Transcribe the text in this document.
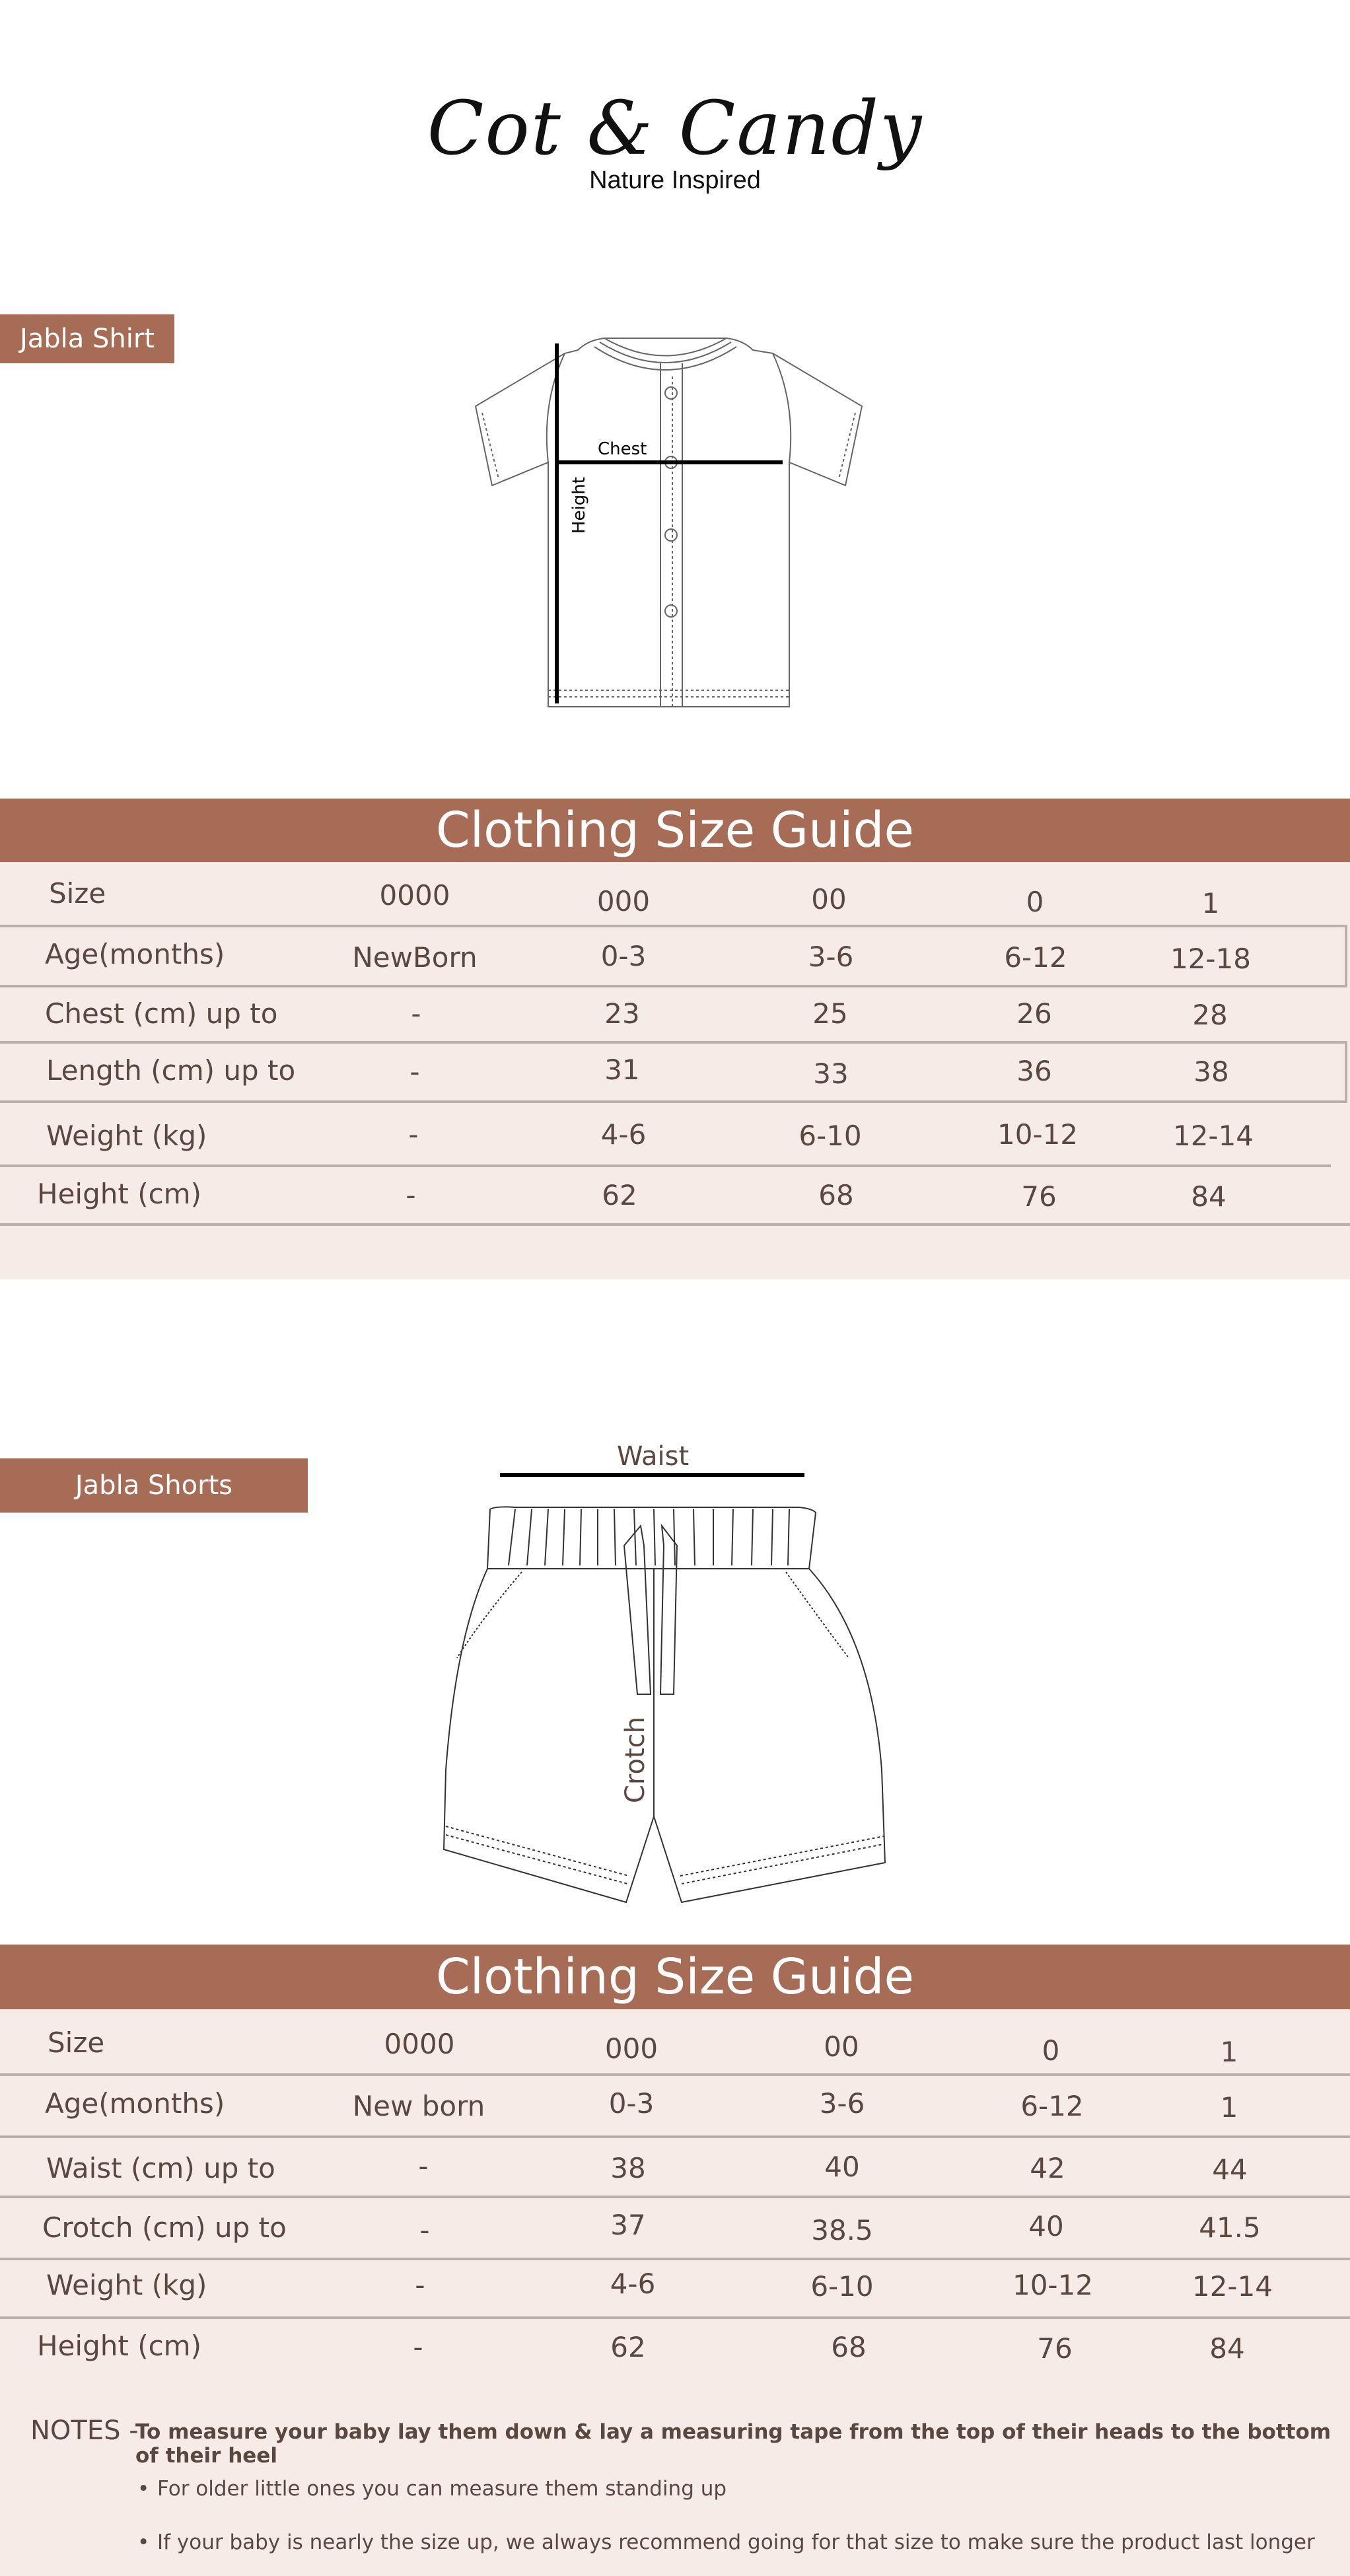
Cot & Candy
Nature Inspired
Jabla Shirt
Chest
Height
Clothing Size Guide
Size	0000	000	00	0	1
Age(months)	NewBorn	0-3	3-6	6-12	12-18
Chest (cm) up to	-	23	25	26	28
Length (cm) up to	-	31	33	36	38
Weight (kg)	-	4-6	6-10	10-12	12-14
Height (cm)	-	62	68	76	84
Jabla Shorts
Waist
Crotch
Clothing Size Guide
Size	0000	000	00	0	1
Age(months)	New born	0-3	3-6	6-12	1
Waist (cm) up to	-	38	40	42	44
Crotch (cm) up to	-	37	38.5	40	41.5
Weight (kg)	-	4-6	6-10	10-12	12-14
Height (cm)	-	62	68	76	84
NOTES -
To measure your baby lay them down & lay a measuring tape from the top of their heads to the bottom of their heel
• For older little ones you can measure them standing up
• If your baby is nearly the size up, we always recommend going for that size to make sure the product last longer
